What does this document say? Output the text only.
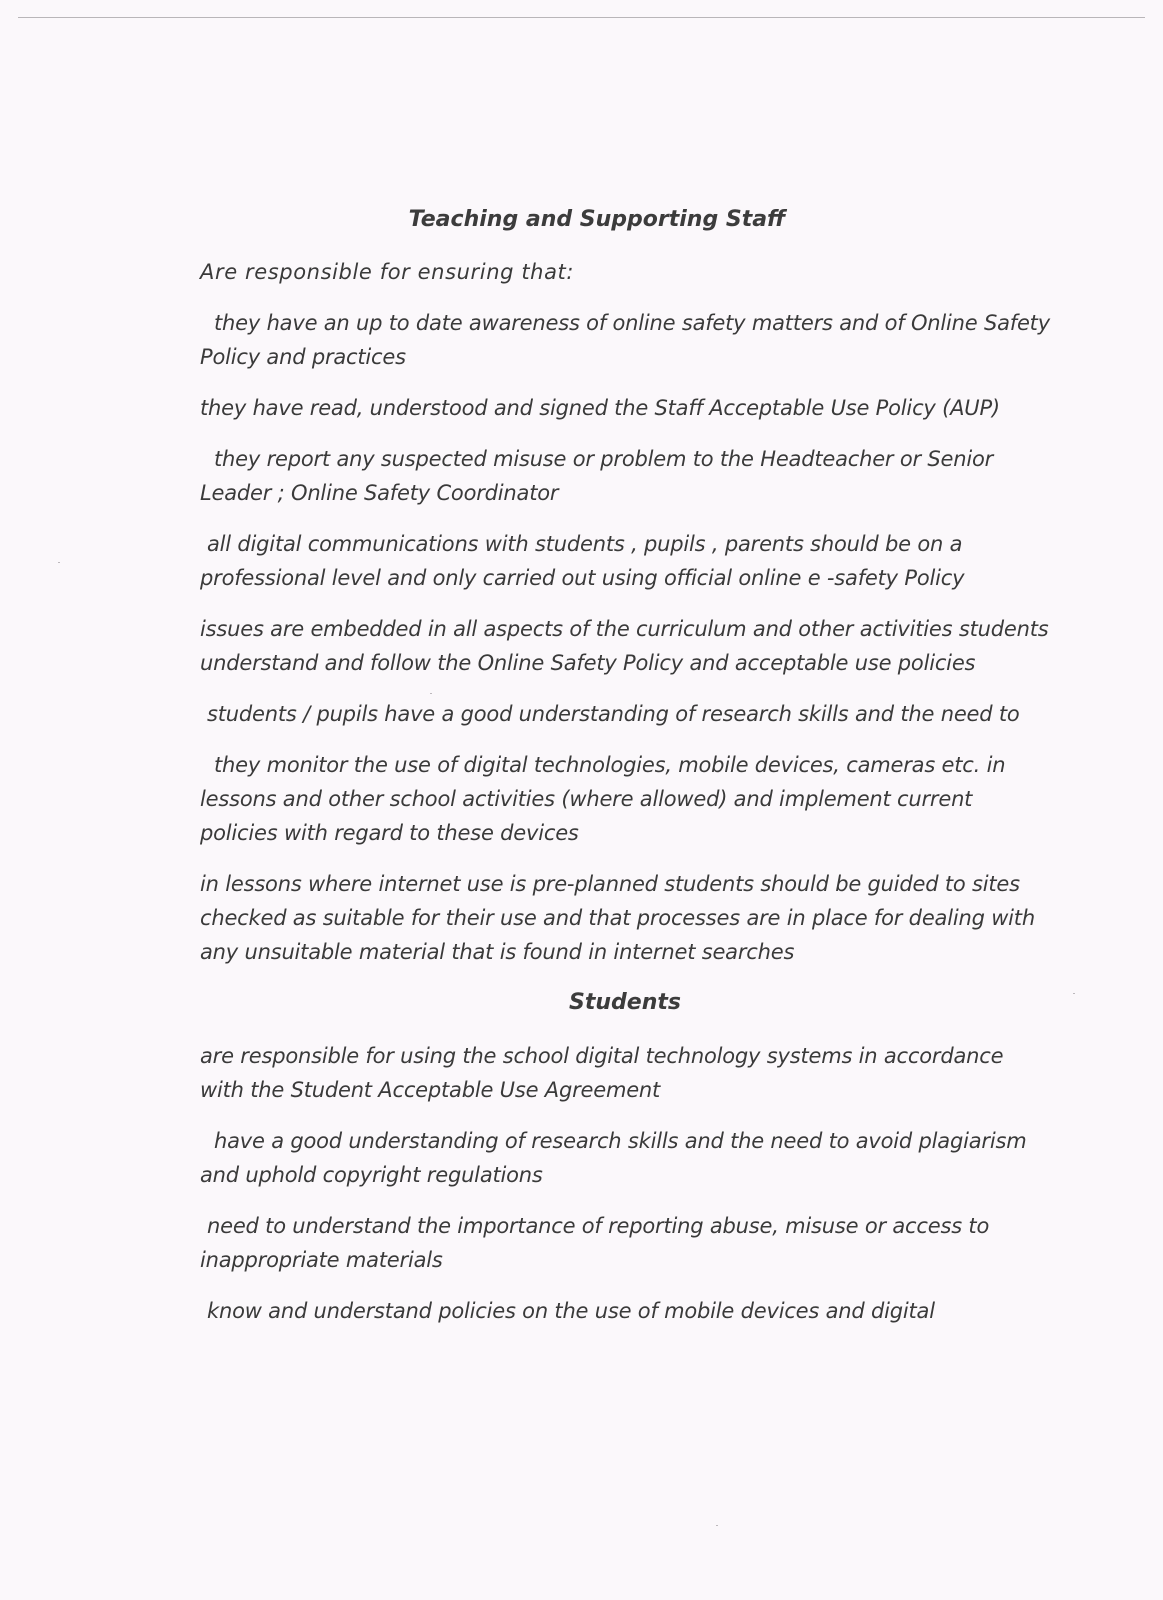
Teaching and Supporting Staff

Are responsible for ensuring that:

they have an up to date awareness of online safety matters and of Online Safety Policy and practices

they have read, understood and signed the Staff Acceptable Use Policy (AUP)

they report any suspected misuse or problem to the Headteacher or Senior Leader ; Online Safety Coordinator

all digital communications with students , pupils , parents should be on a professional level and only carried out using official online e -safety Policy

issues are embedded in all aspects of the curriculum and other activities students understand and follow the Online Safety Policy and acceptable use policies

students / pupils have a good understanding of research skills and the need to

they monitor the use of digital technologies, mobile devices, cameras etc. in lessons and other school activities (where allowed) and implement current policies with regard to these devices

in lessons where internet use is pre-planned students should be guided to sites checked as suitable for their use and that processes are in place for dealing with any unsuitable material that is found in internet searches

Students

are responsible for using the school digital technology systems in accordance with the Student Acceptable Use Agreement

have a good understanding of research skills and the need to avoid plagiarism and uphold copyright regulations

need to understand the importance of reporting abuse, misuse or access to inappropriate materials

know and understand policies on the use of mobile devices and digital
